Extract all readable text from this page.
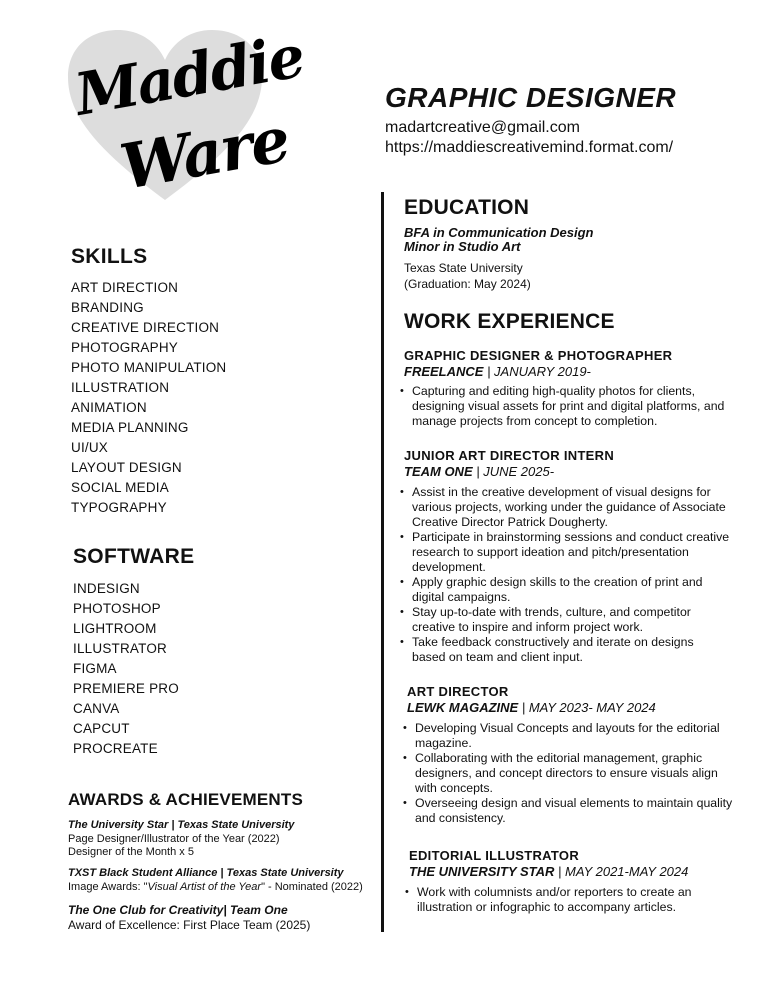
Maddie
Ware
GRAPHIC DESIGNER
madartcreative@gmail.com
https://maddiescreativemind.format.com/
SKILLS
ART DIRECTION
BRANDING
CREATIVE DIRECTION
PHOTOGRAPHY
PHOTO MANIPULATION
ILLUSTRATION
ANIMATION
MEDIA PLANNING
UI/UX
LAYOUT DESIGN
SOCIAL MEDIA
TYPOGRAPHY
SOFTWARE
INDESIGN
PHOTOSHOP
LIGHTROOM
ILLUSTRATOR
FIGMA
PREMIERE PRO
CANVA
CAPCUT
PROCREATE
AWARDS & ACHIEVEMENTS
The University Star | Texas State University
Page Designer/Illustrator of the Year (2022)
Designer of the Month x 5
TXST Black Student Alliance | Texas State University
Image Awards: "Visual Artist of the Year" - Nominated (2022)
The One Club for Creativity| Team One
Award of Excellence: First Place Team (2025)
EDUCATION
BFA in Communication Design
Minor in Studio Art
Texas State University
(Graduation: May 2024)
WORK EXPERIENCE
GRAPHIC DESIGNER & PHOTOGRAPHER
FREELANCE | JANUARY 2019-
• Capturing and editing high-quality photos for clients, designing visual assets for print and digital platforms, and manage projects from concept to completion.
JUNIOR ART DIRECTOR INTERN
TEAM ONE | JUNE 2025-
• Assist in the creative development of visual designs for various projects, working under the guidance of Associate Creative Director Patrick Dougherty.
• Participate in brainstorming sessions and conduct creative research to support ideation and pitch/presentation development.
• Apply graphic design skills to the creation of print and digital campaigns.
• Stay up-to-date with trends, culture, and competitor creative to inspire and inform project work.
• Take feedback constructively and iterate on designs based on team and client input.
ART DIRECTOR
LEWK MAGAZINE | MAY 2023- MAY 2024
• Developing Visual Concepts and layouts for the editorial magazine.
• Collaborating with the editorial management, graphic designers, and concept directors to ensure visuals align with concepts.
• Overseeing design and visual elements to maintain quality and consistency.
EDITORIAL ILLUSTRATOR
THE UNIVERSITY STAR | MAY 2021-MAY 2024
• Work with columnists and/or reporters to create an illustration or infographic to accompany articles.
